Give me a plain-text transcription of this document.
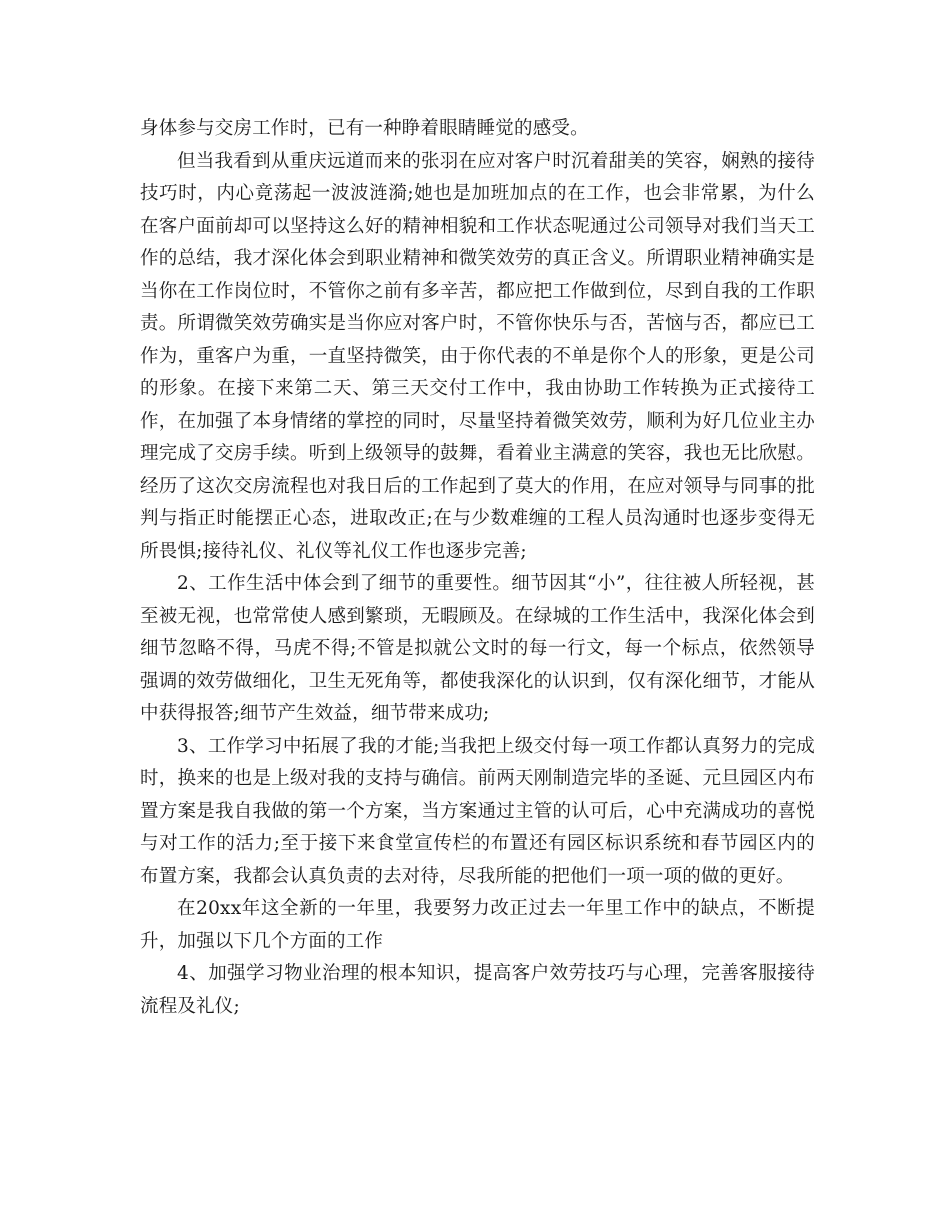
身体参与交房工作时，已有一种睁着眼睛睡觉的感受。

但当我看到从重庆远道而来的张羽在应对客户时沉着甜美的笑容，娴熟的接待技巧时，内心竟荡起一波波涟漪;她也是加班加点的在工作，也会非常累，为什么在客户面前却可以坚持这么好的精神相貌和工作状态呢通过公司领导对我们当天工作的总结，我才深化体会到职业精神和微笑效劳的真正含义。所谓职业精神确实是当你在工作岗位时，不管你之前有多辛苦，都应把工作做到位，尽到自我的工作职责。所谓微笑效劳确实是当你应对客户时，不管你快乐与否，苦恼与否，都应已工作为，重客户为重，一直坚持微笑，由于你代表的不单是你个人的形象，更是公司的形象。在接下来第二天、第三天交付工作中，我由协助工作转换为正式接待工作，在加强了本身情绪的掌控的同时，尽量坚持着微笑效劳，顺利为好几位业主办理完成了交房手续。听到上级领导的鼓舞，看着业主满意的笑容，我也无比欣慰。经历了这次交房流程也对我日后的工作起到了莫大的作用，在应对领导与同事的批判与指正时能摆正心态，进取改正;在与少数难缠的工程人员沟通时也逐步变得无所畏惧;接待礼仪、礼仪等礼仪工作也逐步完善;

2、工作生活中体会到了细节的重要性。细节因其“小”，往往被人所轻视，甚至被无视，也常常使人感到繁琐，无暇顾及。在绿城的工作生活中，我深化体会到细节忽略不得，马虎不得;不管是拟就公文时的每一行文，每一个标点，依然领导强调的效劳做细化，卫生无死角等，都使我深化的认识到，仅有深化细节，才能从中获得报答;细节产生效益，细节带来成功;

3、工作学习中拓展了我的才能;当我把上级交付每一项工作都认真努力的完成时，换来的也是上级对我的支持与确信。前两天刚制造完毕的圣诞、元旦园区内布置方案是我自我做的第一个方案，当方案通过主管的认可后，心中充满成功的喜悦与对工作的活力;至于接下来食堂宣传栏的布置还有园区标识系统和春节园区内的布置方案，我都会认真负责的去对待，尽我所能的把他们一项一项的做的更好。

在20xx年这全新的一年里，我要努力改正过去一年里工作中的缺点，不断提升，加强以下几个方面的工作

4、加强学习物业治理的根本知识，提高客户效劳技巧与心理，完善客服接待流程及礼仪;
